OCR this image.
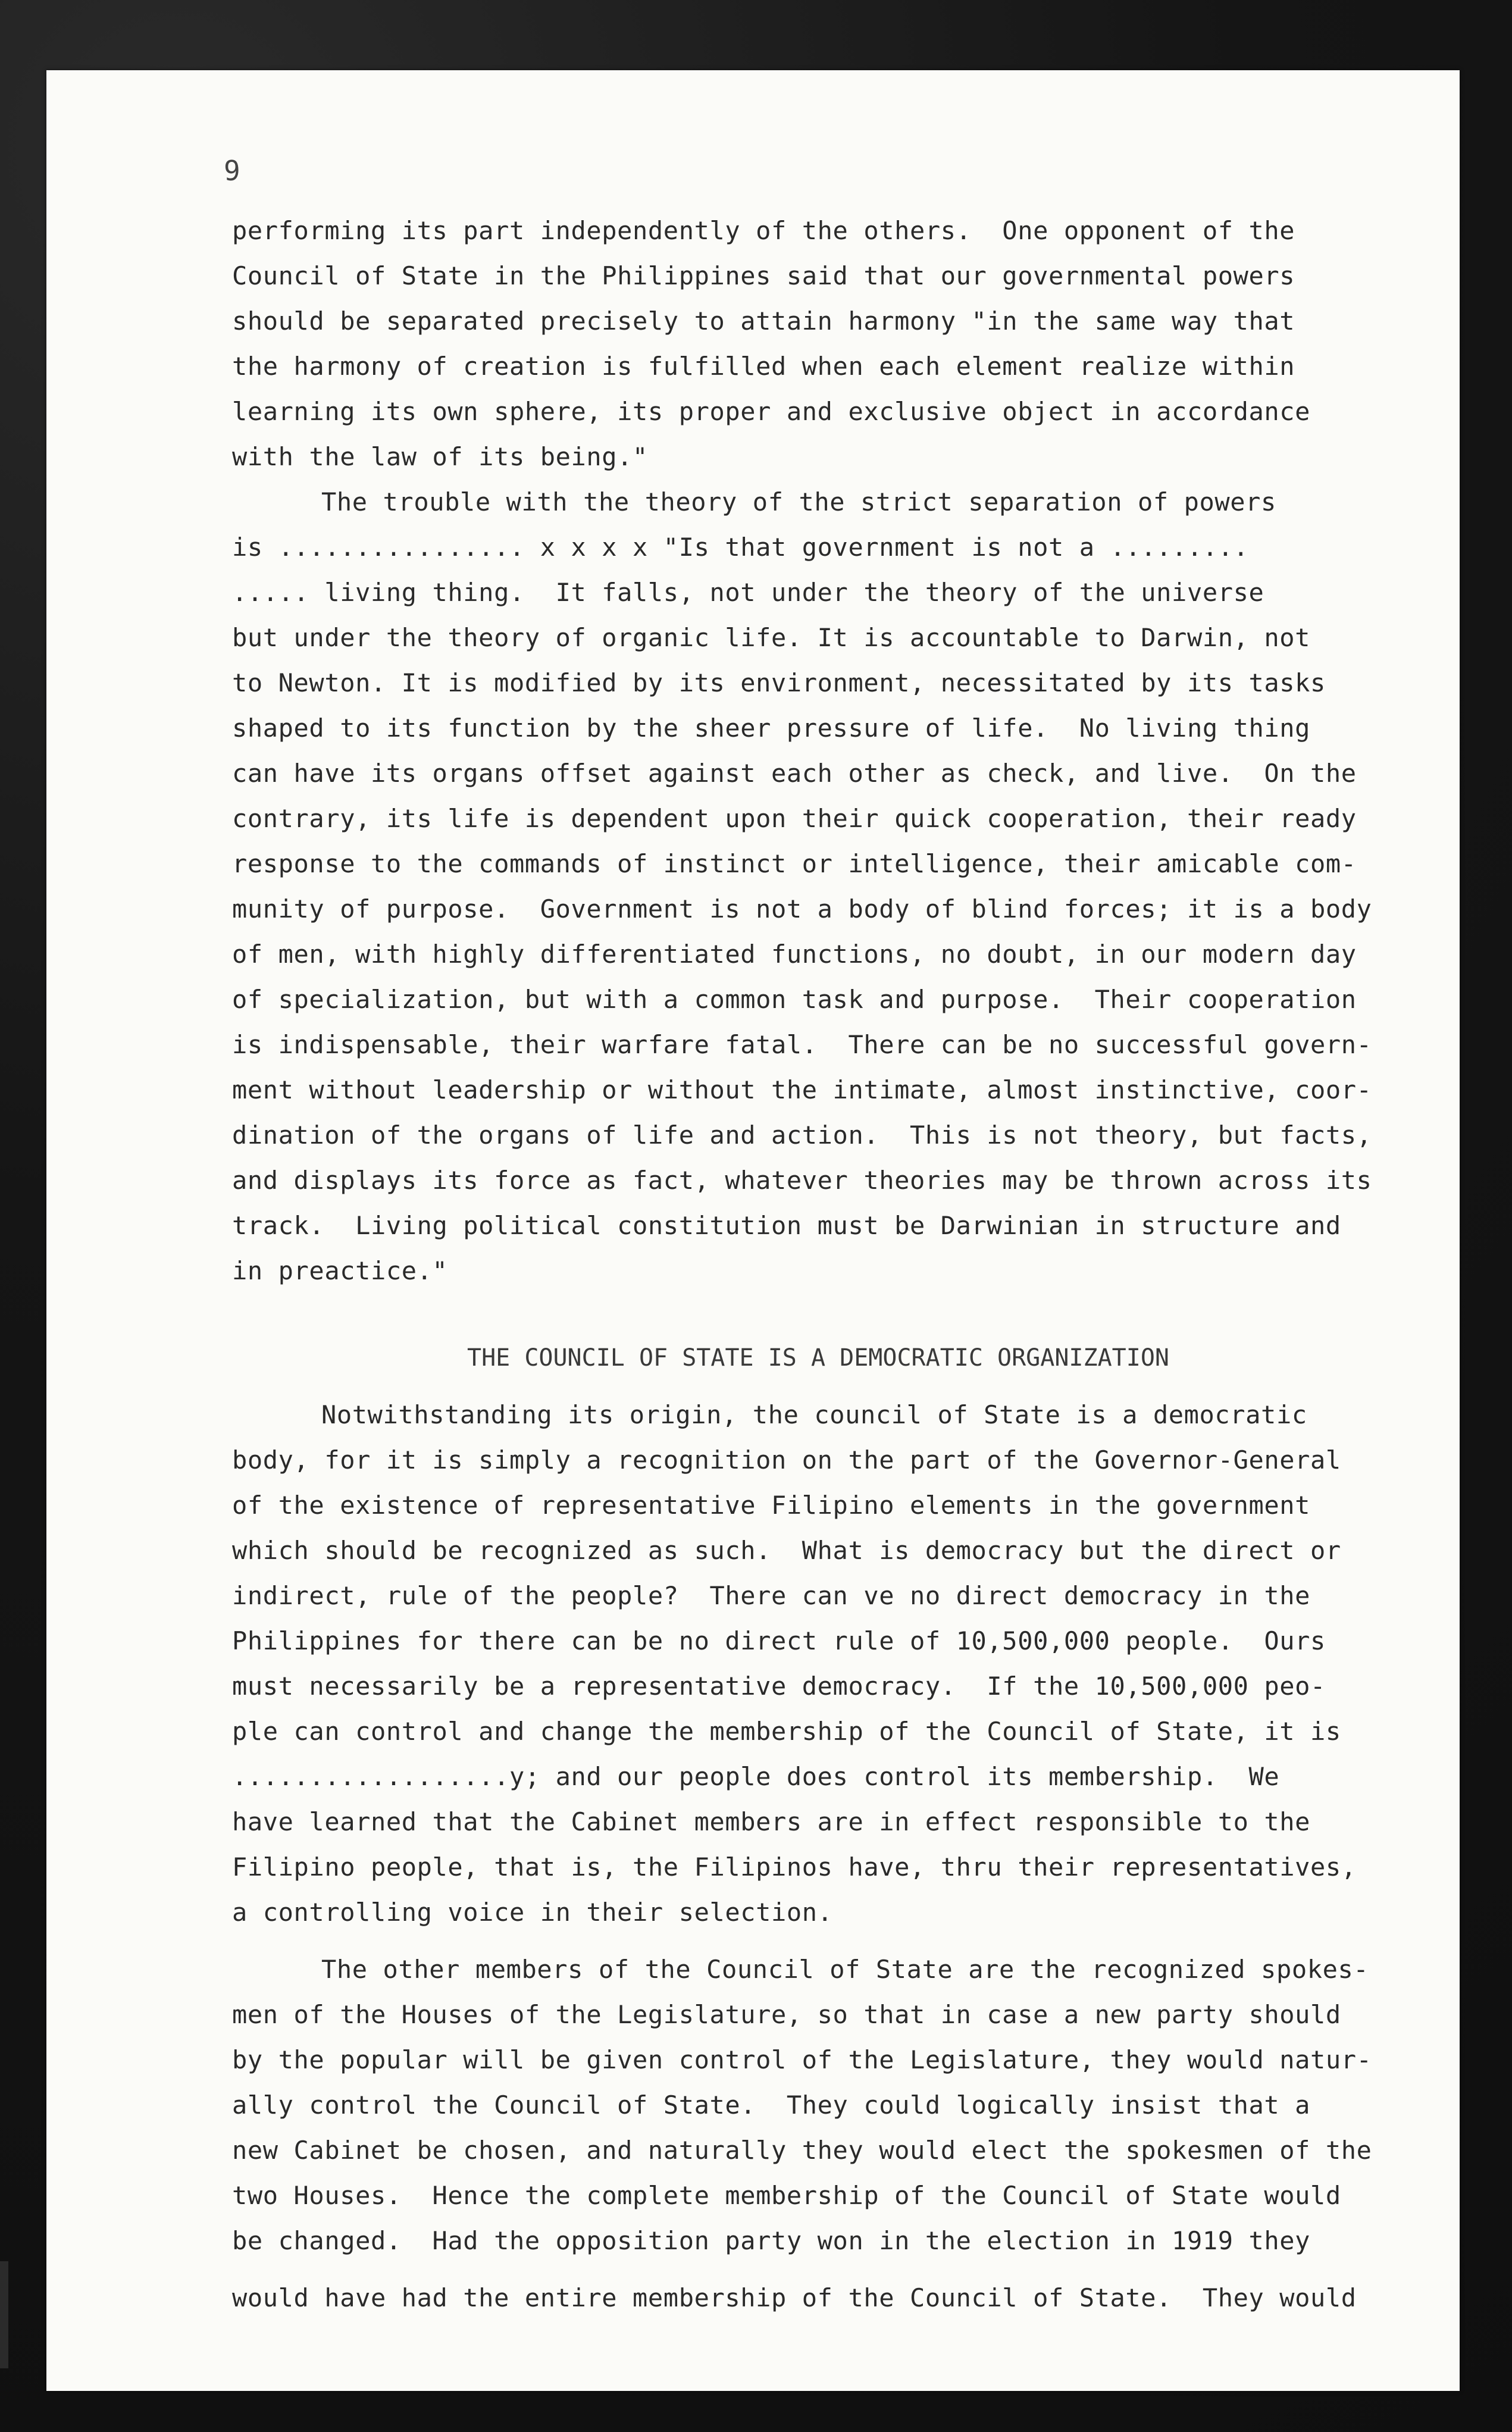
9
performing its part independently of the others.  One opponent of the
Council of State in the Philippines said that our governmental powers
should be separated precisely to attain harmony "in the same way that
the harmony of creation is fulfilled when each element realize within
learning its own sphere, its proper and exclusive object in accordance
with the law of its being."
The trouble with the theory of the strict separation of powers
is ................ x x x x "Is that government is not a .........
..... living thing.  It falls, not under the theory of the universe
but under the theory of organic life. It is accountable to Darwin, not
to Newton. It is modified by its environment, necessitated by its tasks
shaped to its function by the sheer pressure of life.  No living thing
can have its organs offset against each other as check, and live.  On the
contrary, its life is dependent upon their quick cooperation, their ready
response to the commands of instinct or intelligence, their amicable com-
munity of purpose.  Government is not a body of blind forces; it is a body
of men, with highly differentiated functions, no doubt, in our modern day
of specialization, but with a common task and purpose.  Their cooperation
is indispensable, their warfare fatal.  There can be no successful govern-
ment without leadership or without the intimate, almost instinctive, coor-
dination of the organs of life and action.  This is not theory, but facts,
and displays its force as fact, whatever theories may be thrown across its
track.  Living political constitution must be Darwinian in structure and
in preactice."
THE COUNCIL OF STATE IS A DEMOCRATIC ORGANIZATION
Notwithstanding its origin, the council of State is a democratic
body, for it is simply a recognition on the part of the Governor-General
of the existence of representative Filipino elements in the government
which should be recognized as such.  What is democracy but the direct or
indirect, rule of the people?  There can ve no direct democracy in the
Philippines for there can be no direct rule of 10,500,000 people.  Ours
must necessarily be a representative democracy.  If the 10,500,000 peo-
ple can control and change the membership of the Council of State, it is
..................y; and our people does control its membership.  We
have learned that the Cabinet members are in effect responsible to the
Filipino people, that is, the Filipinos have, thru their representatives,
a controlling voice in their selection.
The other members of the Council of State are the recognized spokes-
men of the Houses of the Legislature, so that in case a new party should
by the popular will be given control of the Legislature, they would natur-
ally control the Council of State.  They could logically insist that a
new Cabinet be chosen, and naturally they would elect the spokesmen of the
two Houses.  Hence the complete membership of the Council of State would
be changed.  Had the opposition party won in the election in 1919 they
would have had the entire membership of the Council of State.  They would
